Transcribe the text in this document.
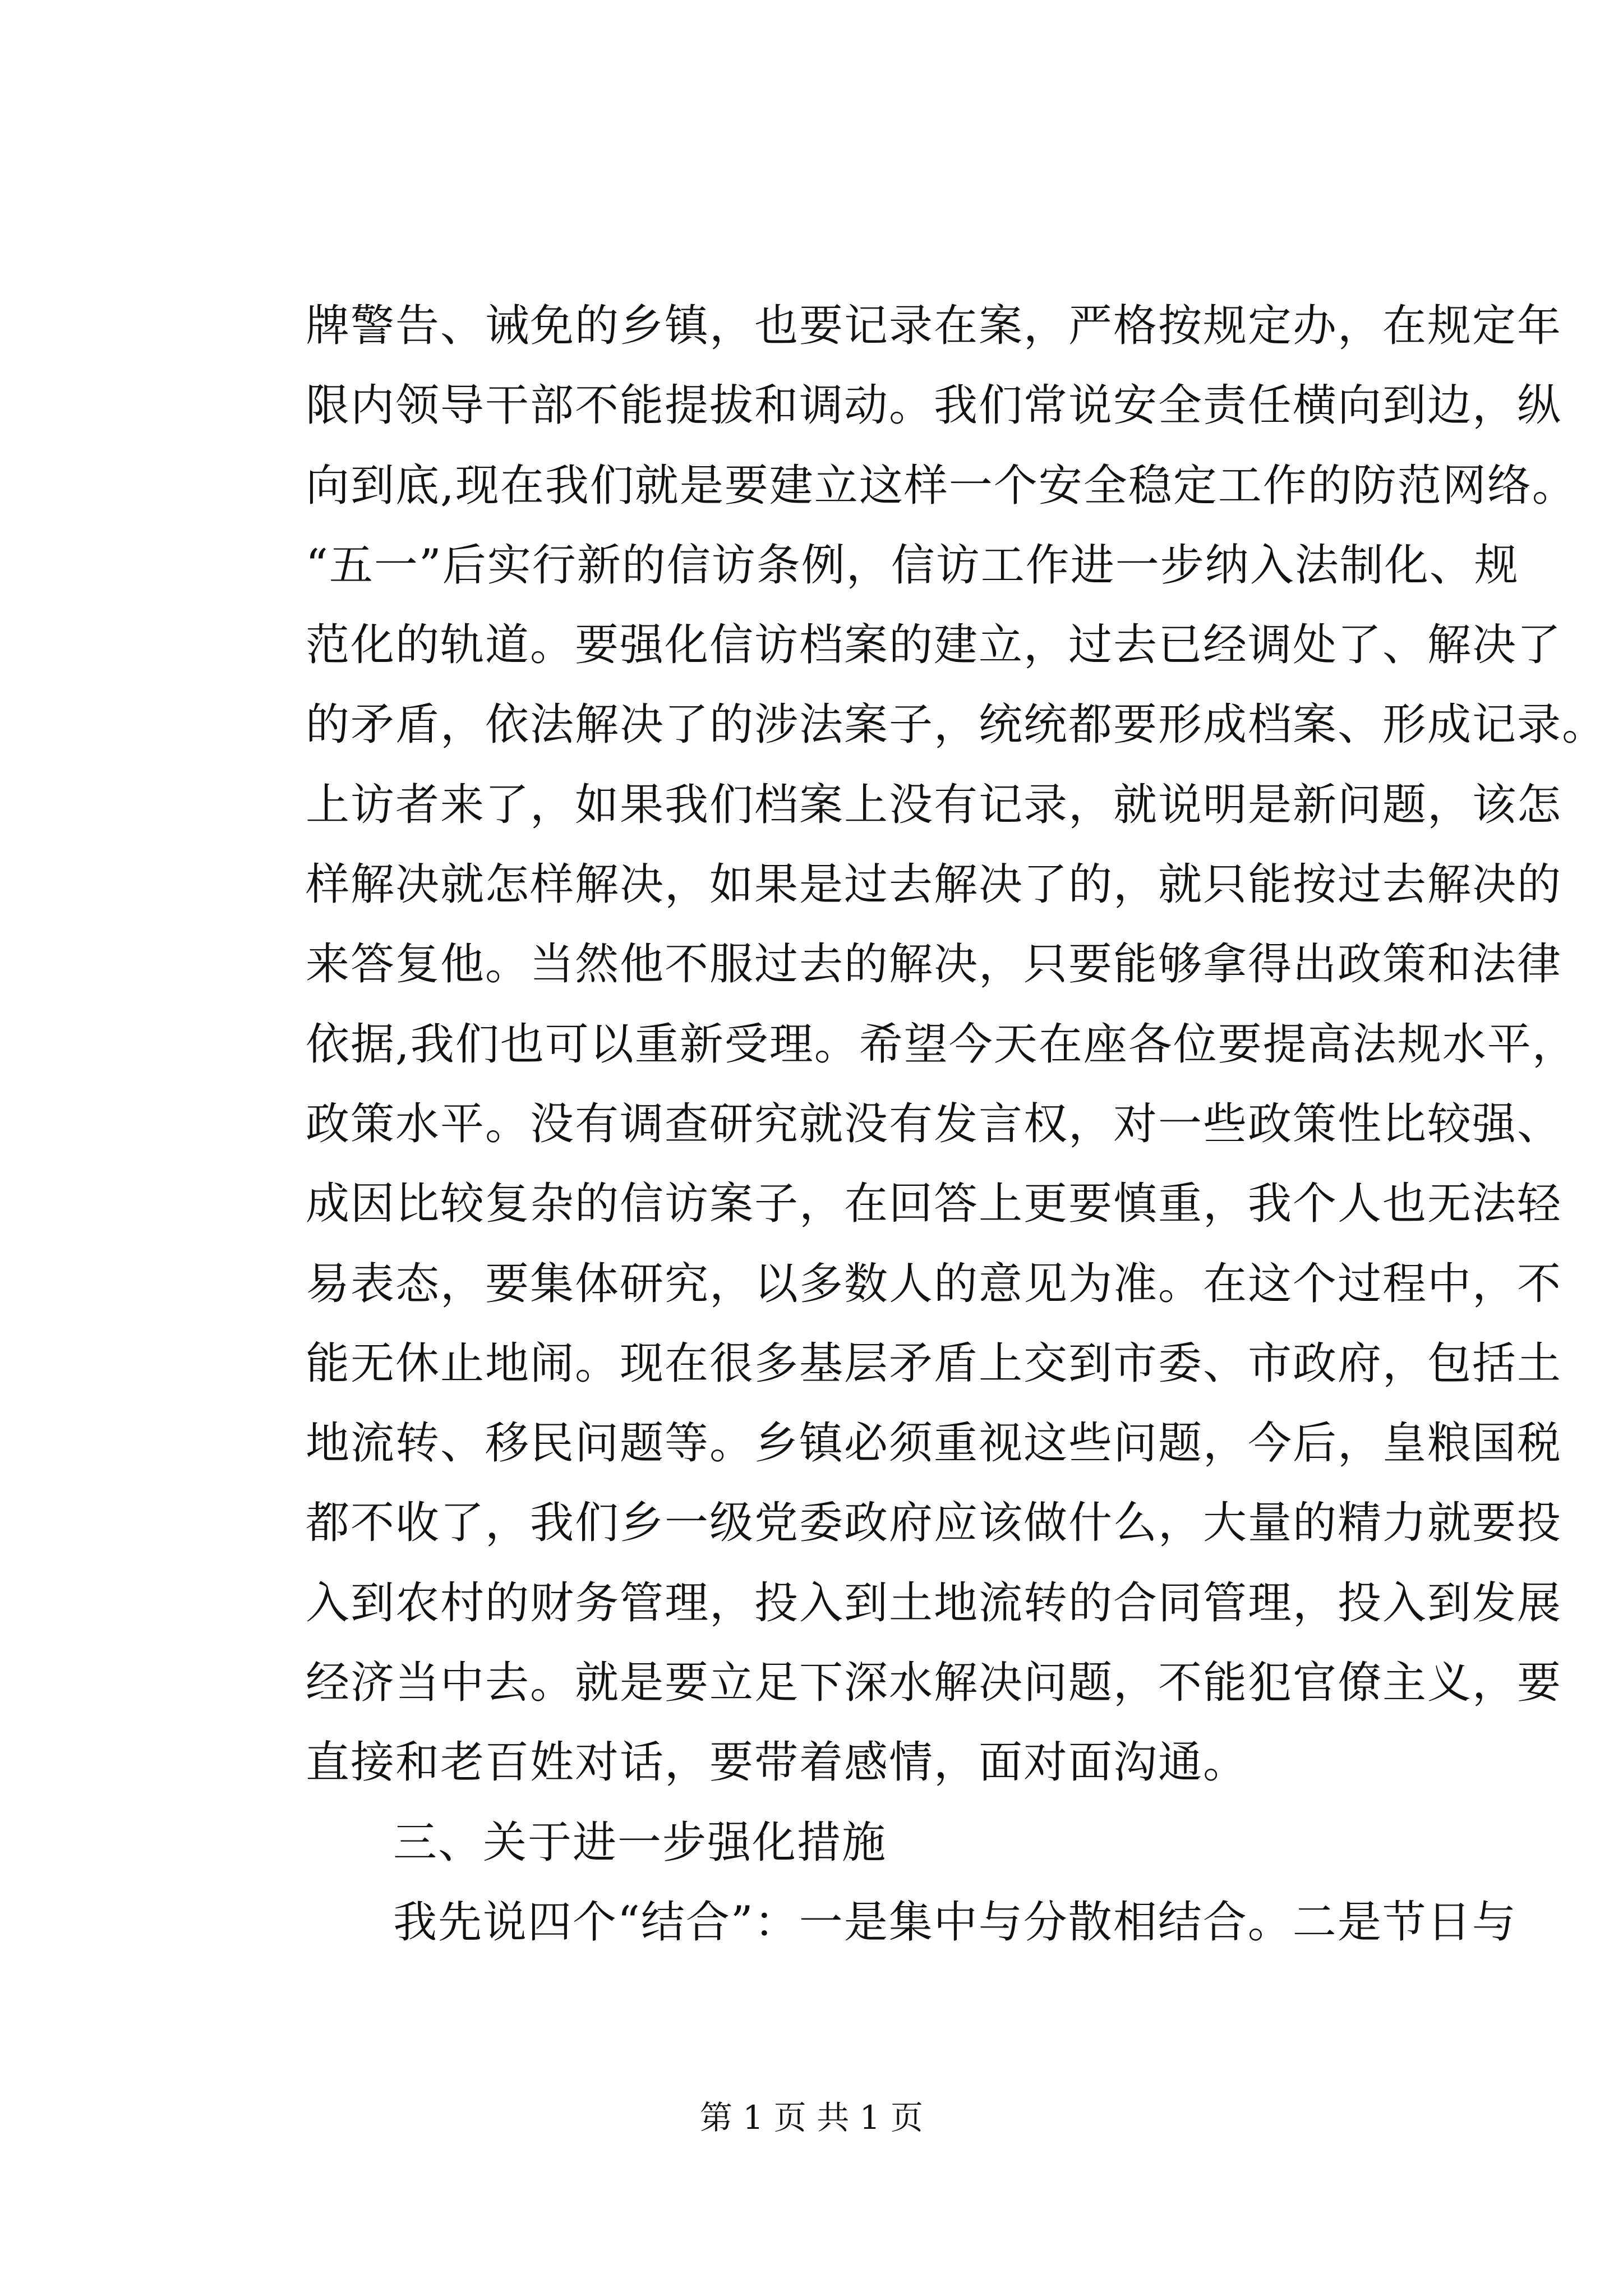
牌警告、诫免的乡镇，也要记录在案，严格按规定办，在规定年
限内领导干部不能提拔和调动。我们常说安全责任横向到边，纵
向到底,现在我们就是要建立这样一个安全稳定工作的防范网络。
“五一”后实行新的信访条例，信访工作进一步纳入法制化、规
范化的轨道。要强化信访档案的建立，过去已经调处了、解决了
的矛盾，依法解决了的涉法案子，统统都要形成档案、形成记录。
上访者来了，如果我们档案上没有记录，就说明是新问题，该怎
样解决就怎样解决，如果是过去解决了的，就只能按过去解决的
来答复他。当然他不服过去的解决，只要能够拿得出政策和法律
依据,我们也可以重新受理。希望今天在座各位要提高法规水平，
政策水平。没有调查研究就没有发言权，对一些政策性比较强、
成因比较复杂的信访案子，在回答上更要慎重，我个人也无法轻
易表态，要集体研究，以多数人的意见为准。在这个过程中，不
能无休止地闹。现在很多基层矛盾上交到市委、市政府，包括土
地流转、移民问题等。乡镇必须重视这些问题，今后，皇粮国税
都不收了，我们乡一级党委政府应该做什么，大量的精力就要投
入到农村的财务管理，投入到土地流转的合同管理，投入到发展
经济当中去。就是要立足下深水解决问题，不能犯官僚主义，要
直接和老百姓对话，要带着感情，面对面沟通。
三、关于进一步强化措施
我先说四个“结合”：一是集中与分散相结合。二是节日与
第 1 页 共 1 页
